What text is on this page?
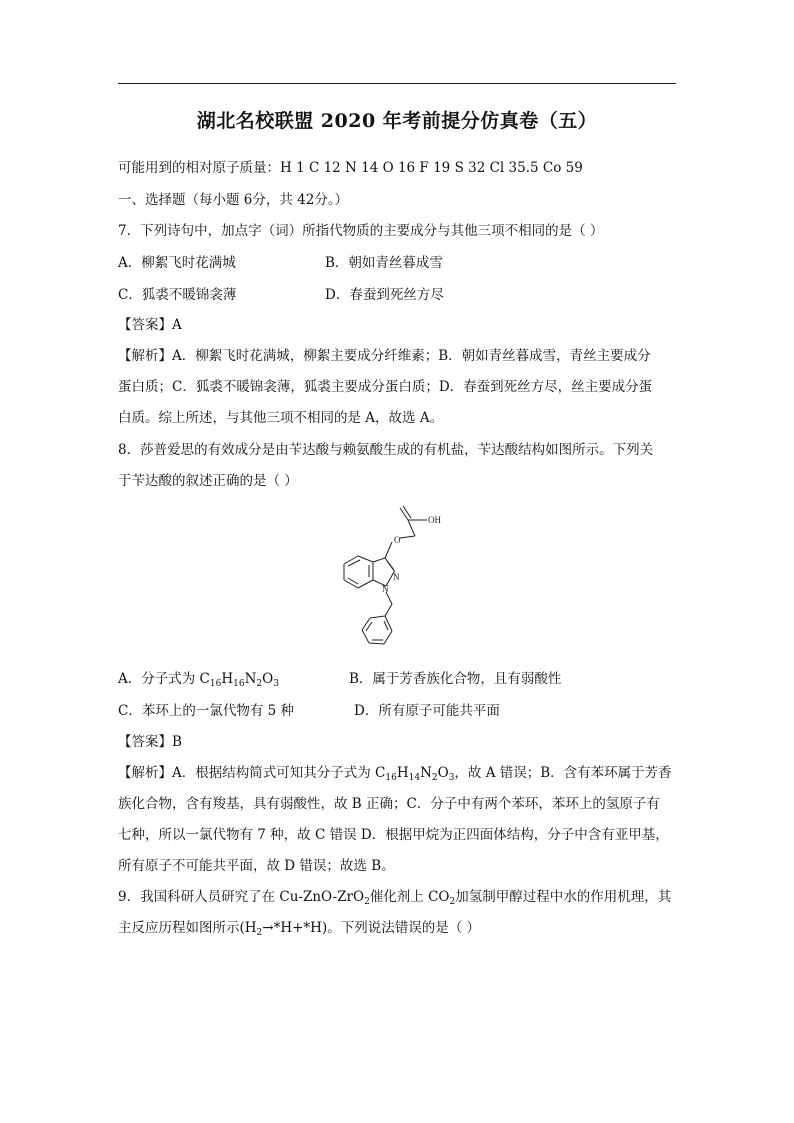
湖北名校联盟 2020 年考前提分仿真卷（五）
可能用到的相对原子质量：H 1 C 12 N 14 O 16 F 19 S 32 Cl 35.5 Co 59
一、选择题（每小题 6分，共 42分。）
7．下列诗句中，加点字（词）所指代物质的主要成分与其他三项不相同的是（ ）
A．柳絮飞时花满城	B．朝如青丝暮成雪
C．狐裘不暖锦衾薄	D．春蚕到死丝方尽
【答案】A
【解析】A．柳絮飞时花满城，柳絮主要成分纤维素；B．朝如青丝暮成雪，青丝主要成分
蛋白质；C．狐裘不暖锦衾薄，狐裘主要成分蛋白质；D．春蚕到死丝方尽，丝主要成分蛋
白质。综上所述，与其他三项不相同的是 A，故选 A。
8．莎普爱思的有效成分是由苄达酸与赖氨酸生成的有机盐，苄达酸结构如图所示。下列关
于苄达酸的叙述正确的是（ ）
OH
O
N
N
A．分子式为 $C_{16}H_{16}N_2O_3$	B．属于芳香族化合物，且有弱酸性
C．苯环上的一氯代物有 5 种	D．所有原子可能共平面
【答案】B
【解析】A．根据结构简式可知其分子式为 $C_{16}H_{14}N_2O_3$，故 A 错误；B．含有苯环属于芳香
族化合物，含有羧基，具有弱酸性，故 B 正确；C．分子中有两个苯环，苯环上的氢原子有
七种，所以一氯代物有 7 种，故 C 错误 D．根据甲烷为正四面体结构，分子中含有亚甲基，
所有原子不可能共平面，故 D 错误；故选 B。
9．我国科研人员研究了在 Cu-ZnO-ZrO$_2$催化剂上 $CO_2$加氢制甲醇过程中水的作用机理，其
主反应历程如图所示$(H_2\to*H+*H)$。下列说法错误的是（ ）
